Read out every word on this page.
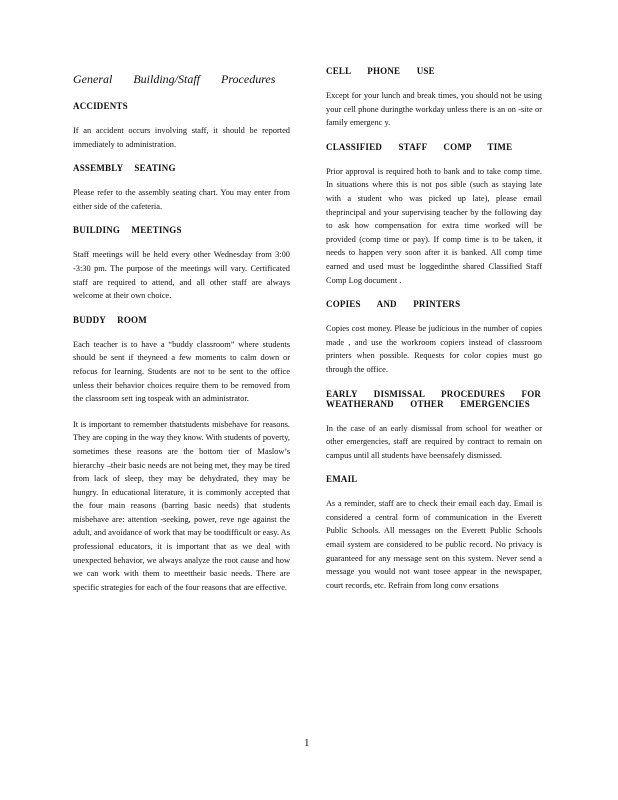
General Building/Staff Procedures
ACCIDENTS
If an accident occurs involving staff, it should be reported immediately to administration.
ASSEMBLY SEATING
Please refer to the assembly seating chart. You may enter from either side of the cafeteria.
BUILDING MEETINGS
Staff meetings will be held every other Wednesday from 3:00 -3:30 pm. The purpose of the meetings will vary. Certificated staff are required to attend, and all other staff are always welcome at their own choice.
BUDDY ROOM
Each teacher is to have a “buddy classroom” where students should be sent if theyneed a few moments to calm down or refocus for learning. Students are not to be sent to the office unless their behavior choices require them to be removed from the classroom sett ing tospeak with an administrator.
It is important to remember thatstudents misbehave for reasons. They are coping in the way they know. With students of poverty, sometimes these reasons are the bottom tier of Maslow’s hierarchy –their basic needs are not being met, they may be tired from lack of sleep, they may be dehydrated, they may be hungry. In educational literature, it is commonly accepted that the four main reasons (barring basic needs) that students misbehave are: attention -seeking, power, reve nge against the adult, and avoidance of work that may be toodifficult or easy. As professional educators, it is important that as we deal with unexpected behavior, we always analyze the root cause and how we can work with them to meettheir basic needs. There are specific strategies for each of the four reasons that are effective.
CELL PHONE USE
Except for your lunch and break times, you should not be using your cell phone duringthe workday unless there is an on -site or family emergenc y.
CLASSIFIED STAFF COMP TIME
Prior approval is required both to bank and to take comp time. In situations where this is not pos sible (such as staying late with a student who was picked up late), please email theprincipal and your supervising teacher by the following day to ask how compensation for extra time worked will be provided (comp time or pay). If comp time is to be taken, it needs to happen very soon after it is banked. All comp time earned and used must be loggedinthe shared Classified Staff Comp Log document .
COPIES AND PRINTERS
Copies cost money. Please be judicious in the number of copies made , and use the workroom copiers instead of classroom printers when possible. Requests for color copies must go through the office.
EARLY DISMISSAL PROCEDURES FOR WEATHERAND OTHER EMERGENCIES
In the case of an early dismissal from school for weather or other emergencies, staff are required by contract to remain on campus until all students have beensafely dismissed.
EMAIL
As a reminder, staff are to check their email each day. Email is considered a central form of communication in the Everett Public Schools. All messages on the Everett Public Schools email system are considered to be public record. No privacy is guaranteed for any message sent on this system. Never send a message you would not want tosee appear in the newspaper, court records, etc. Refrain from long conv ersations
1
